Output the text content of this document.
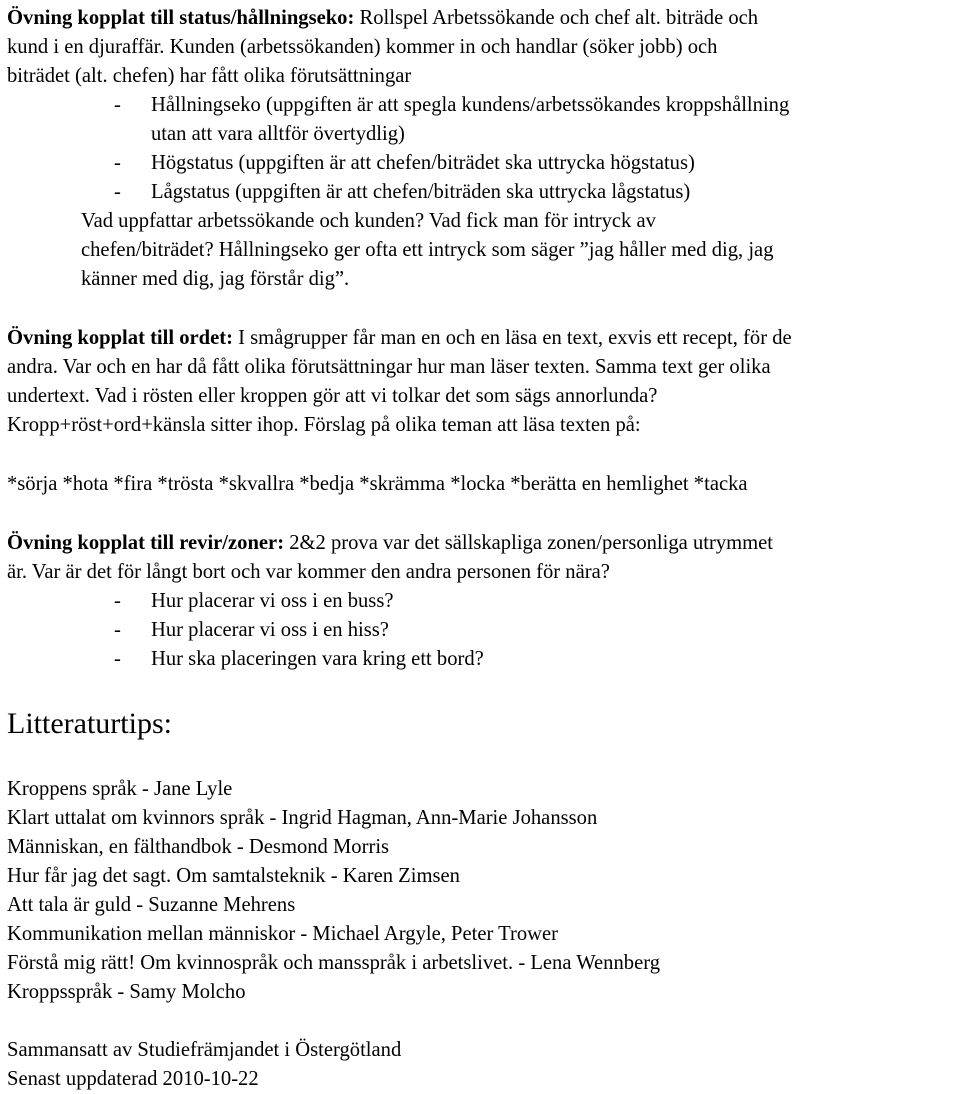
Övning kopplat till status/hållningseko: Rollspel Arbetssökande och chef alt. biträde och
kund i en djuraffär. Kunden (arbetssökanden) kommer in och handlar (söker jobb) och
biträdet (alt. chefen) har fått olika förutsättningar
-	Hållningseko (uppgiften är att spegla kundens/arbetssökandes kroppshållning
utan att vara alltför övertydlig)
-	Högstatus (uppgiften är att chefen/biträdet ska uttrycka högstatus)
-	Lågstatus (uppgiften är att chefen/biträden ska uttrycka lågstatus)
Vad uppfattar arbetssökande och kunden? Vad fick man för intryck av
chefen/biträdet? Hållningseko ger ofta ett intryck som säger ”jag håller med dig, jag
känner med dig, jag förstår dig”.
Övning kopplat till ordet: I smågrupper får man en och en läsa en text, exvis ett recept, för de
andra. Var och en har då fått olika förutsättningar hur man läser texten. Samma text ger olika
undertext. Vad i rösten eller kroppen gör att vi tolkar det som sägs annorlunda?
Kropp+röst+ord+känsla sitter ihop. Förslag på olika teman att läsa texten på:
*sörja *hota *fira *trösta *skvallra *bedja *skrämma *locka *berätta en hemlighet *tacka
Övning kopplat till revir/zoner: 2&2 prova var det sällskapliga zonen/personliga utrymmet
är. Var är det för långt bort och var kommer den andra personen för nära?
-	Hur placerar vi oss i en buss?
-	Hur placerar vi oss i en hiss?
-	Hur ska placeringen vara kring ett bord?
Litteraturtips:
Kroppens språk - Jane Lyle
Klart uttalat om kvinnors språk - Ingrid Hagman, Ann-Marie Johansson
Människan, en fälthandbok - Desmond Morris
Hur får jag det sagt. Om samtalsteknik - Karen Zimsen
Att tala är guld - Suzanne Mehrens
Kommunikation mellan människor - Michael Argyle, Peter Trower
Förstå mig rätt! Om kvinnospråk och mansspråk i arbetslivet. - Lena Wennberg
Kroppsspråk - Samy Molcho
Sammansatt av Studiefrämjandet i Östergötland
Senast uppdaterad 2010-10-22
